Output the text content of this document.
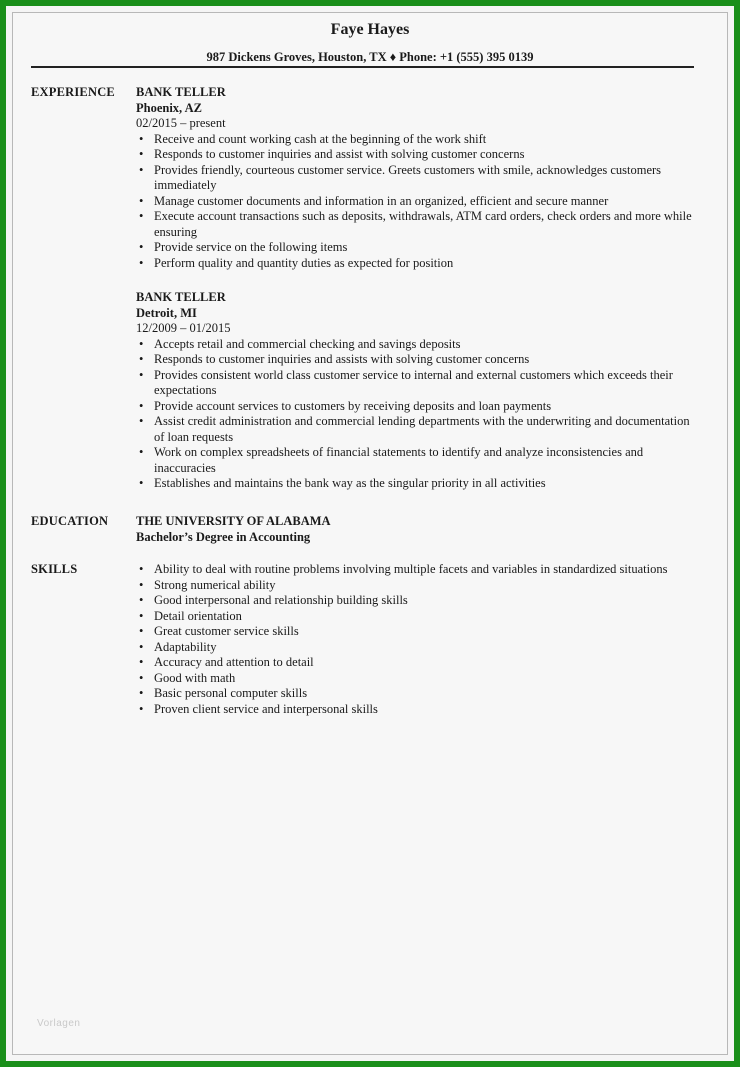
Faye Hayes
987 Dickens Groves, Houston, TX ♦ Phone: +1 (555) 395 0139
EXPERIENCE BANK TELLER
Phoenix, AZ
02/2015 – present
• Receive and count working cash at the beginning of the work shift
• Responds to customer inquiries and assist with solving customer concerns
• Provides friendly, courteous customer service. Greets customers with smile, acknowledges customers immediately
• Manage customer documents and information in an organized, efficient and secure manner
• Execute account transactions such as deposits, withdrawals, ATM card orders, check orders and more while ensuring
• Provide service on the following items
• Perform quality and quantity duties as expected for position
BANK TELLER
Detroit, MI
12/2009 – 01/2015
• Accepts retail and commercial checking and savings deposits
• Responds to customer inquiries and assists with solving customer concerns
• Provides consistent world class customer service to internal and external customers which exceeds their expectations
• Provide account services to customers by receiving deposits and loan payments
• Assist credit administration and commercial lending departments with the underwriting and documentation of loan requests
• Work on complex spreadsheets of financial statements to identify and analyze inconsistencies and inaccuracies
• Establishes and maintains the bank way as the singular priority in all activities
EDUCATION THE UNIVERSITY OF ALABAMA
Bachelor’s Degree in Accounting
SKILLS
•	Ability to deal with routine problems involving multiple facets and variables in standardized situations
• Strong numerical ability
• Good interpersonal and relationship building skills
• Detail orientation
• Great customer service skills
• Adaptability
• Accuracy and attention to detail
• Good with math
• Basic personal computer skills
• Proven client service and interpersonal skills
Vorlagen
